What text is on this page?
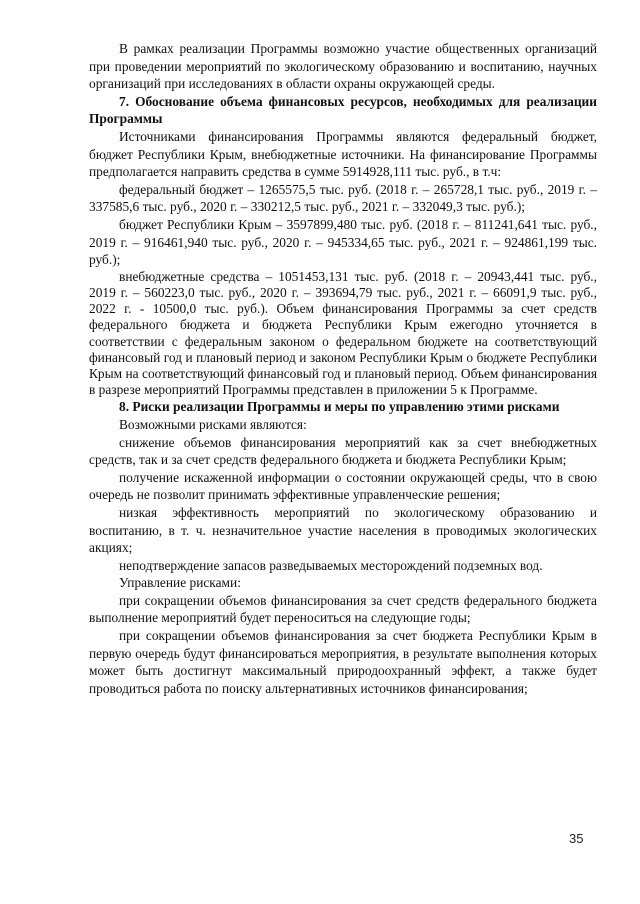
В рамках реализации Программы возможно участие общественных организаций при проведении мероприятий по экологическому образованию и воспитанию, научных организаций при исследованиях в области охраны окружающей среды.

7. Обоснование объема финансовых ресурсов, необходимых для реализации Программы

Источниками финансирования Программы являются федеральный бюджет, бюджет Республики Крым, внебюджетные источники. На финансирование Программы предполагается направить средства в сумме 5914928,111 тыс. руб., в т.ч:

федеральный бюджет – 1265575,5 тыс. руб. (2018 г. – 265728,1 тыс. руб., 2019 г. – 337585,6 тыс. руб., 2020 г. – 330212,5 тыс. руб., 2021 г. – 332049,3 тыс. руб.);

бюджет Республики Крым – 3597899,480 тыс. руб. (2018 г. – 811241,641 тыс. руб., 2019 г. – 916461,940 тыс. руб., 2020 г. – 945334,65 тыс. руб., 2021 г. – 924861,199 тыс. руб.);

внебюджетные средства – 1051453,131 тыс. руб. (2018 г. – 20943,441 тыс. руб., 2019 г. – 560223,0 тыс. руб., 2020 г. – 393694,79 тыс. руб., 2021 г. – 66091,9 тыс. руб., 2022 г. - 10500,0 тыс. руб.). Объем финансирования Программы за счет средств федерального бюджета и бюджета Республики Крым ежегодно уточняется в соответствии с федеральным законом о федеральном бюджете на соответствующий финансовый год и плановый период и законом Республики Крым о бюджете Республики Крым на соответствующий финансовый год и плановый период. Объем финансирования в разрезе мероприятий Программы представлен в приложении 5 к Программе.

8. Риски реализации Программы и меры по управлению этими рисками

Возможными рисками являются:

снижение объемов финансирования мероприятий как за счет внебюджетных средств, так и за счет средств федерального бюджета и бюджета Республики Крым;

получение искаженной информации о состоянии окружающей среды, что в свою очередь не позволит принимать эффективные управленческие решения;

низкая эффективность мероприятий по экологическому образованию и воспитанию, в т. ч. незначительное участие населения в проводимых экологических акциях;

неподтверждение запасов разведываемых месторождений подземных вод.

Управление рисками:

при сокращении объемов финансирования за счет средств федерального бюджета выполнение мероприятий будет переноситься на следующие годы;

при сокращении объемов финансирования за счет бюджета Республики Крым в первую очередь будут финансироваться мероприятия, в результате выполнения которых может быть достигнут максимальный природоохранный эффект, а также будет проводиться работа по поиску альтернативных источников финансирования;

35
